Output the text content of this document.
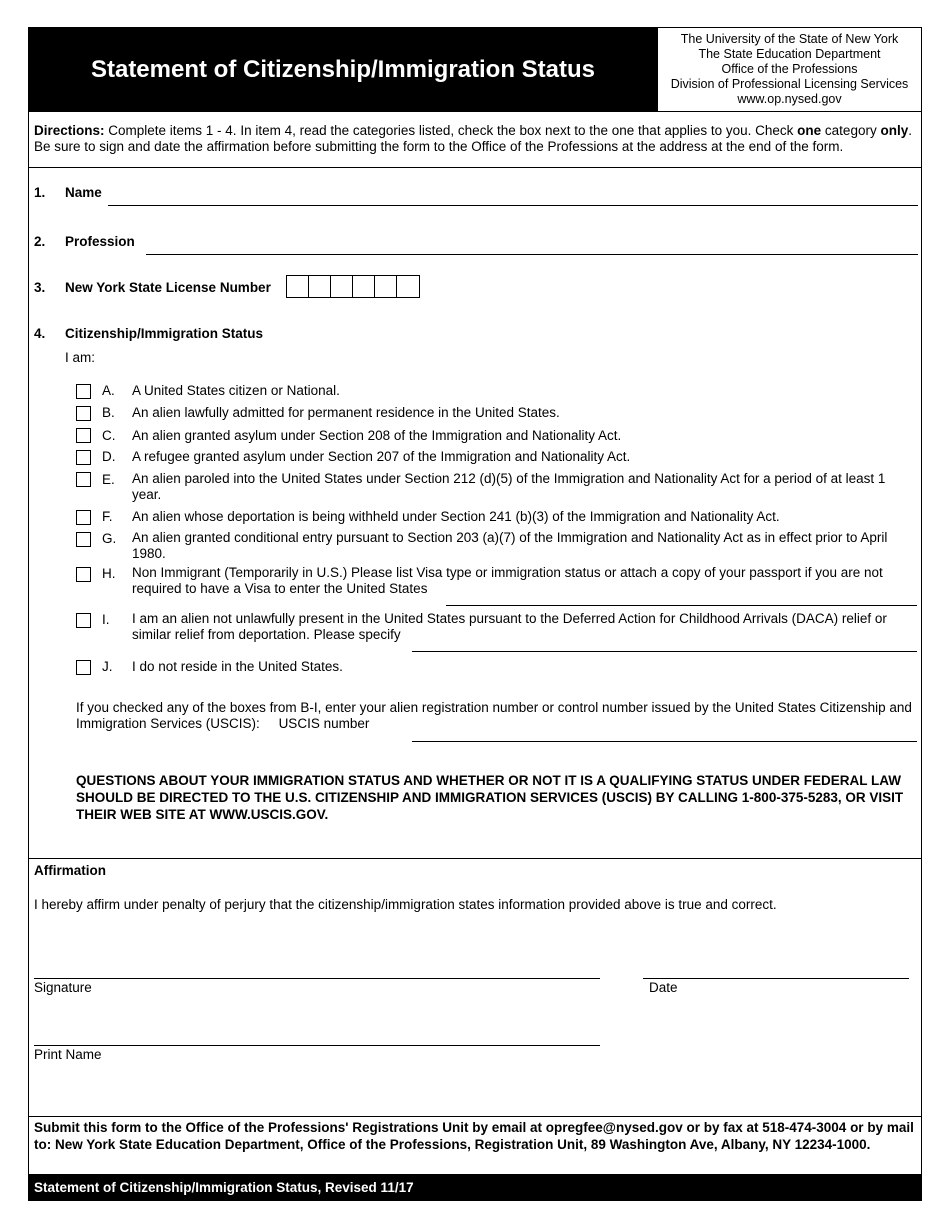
Statement of Citizenship/Immigration Status
The University of the State of New York
The State Education Department
Office of the Professions
Division of Professional Licensing Services
www.op.nysed.gov
Directions: Complete items 1 - 4. In item 4, read the categories listed, check the box next to the one that applies to you. Check one category only. Be sure to sign and date the affirmation before submitting the form to the Office of the Professions at the address at the end of the form.
1. Name
2. Profession
3. New York State License Number
4. Citizenship/Immigration Status
I am:
A. A United States citizen or National.
B. An alien lawfully admitted for permanent residence in the United States.
C. An alien granted asylum under Section 208 of the Immigration and Nationality Act.
D. A refugee granted asylum under Section 207 of the Immigration and Nationality Act.
E. An alien paroled into the United States under Section 212 (d)(5) of the Immigration and Nationality Act for a period of at least 1 year.
F. An alien whose deportation is being withheld under Section 241 (b)(3) of the Immigration and Nationality Act.
G. An alien granted conditional entry pursuant to Section 203 (a)(7) of the Immigration and Nationality Act as in effect prior to April 1980.
H. Non Immigrant (Temporarily in U.S.) Please list Visa type or immigration status or attach a copy of your passport if you are not required to have a Visa to enter the United States
I. I am an alien not unlawfully present in the United States pursuant to the Deferred Action for Childhood Arrivals (DACA) relief or similar relief from deportation. Please specify
J. I do not reside in the United States.
If you checked any of the boxes from B-I, enter your alien registration number or control number issued by the United States Citizenship and Immigration Services (USCIS): USCIS number
QUESTIONS ABOUT YOUR IMMIGRATION STATUS AND WHETHER OR NOT IT IS A QUALIFYING STATUS UNDER FEDERAL LAW SHOULD BE DIRECTED TO THE U.S. CITIZENSHIP AND IMMIGRATION SERVICES (USCIS) BY CALLING 1-800-375-5283, OR VISIT THEIR WEB SITE AT WWW.USCIS.GOV.
Affirmation
I hereby affirm under penalty of perjury that the citizenship/immigration states information provided above is true and correct.
Signature	Date
Print Name
Submit this form to the Office of the Professions' Registrations Unit by email at opregfee@nysed.gov or by fax at 518-474-3004 or by mail to: New York State Education Department, Office of the Professions, Registration Unit, 89 Washington Ave, Albany, NY 12234-1000.
Statement of Citizenship/Immigration Status, Revised 11/17
